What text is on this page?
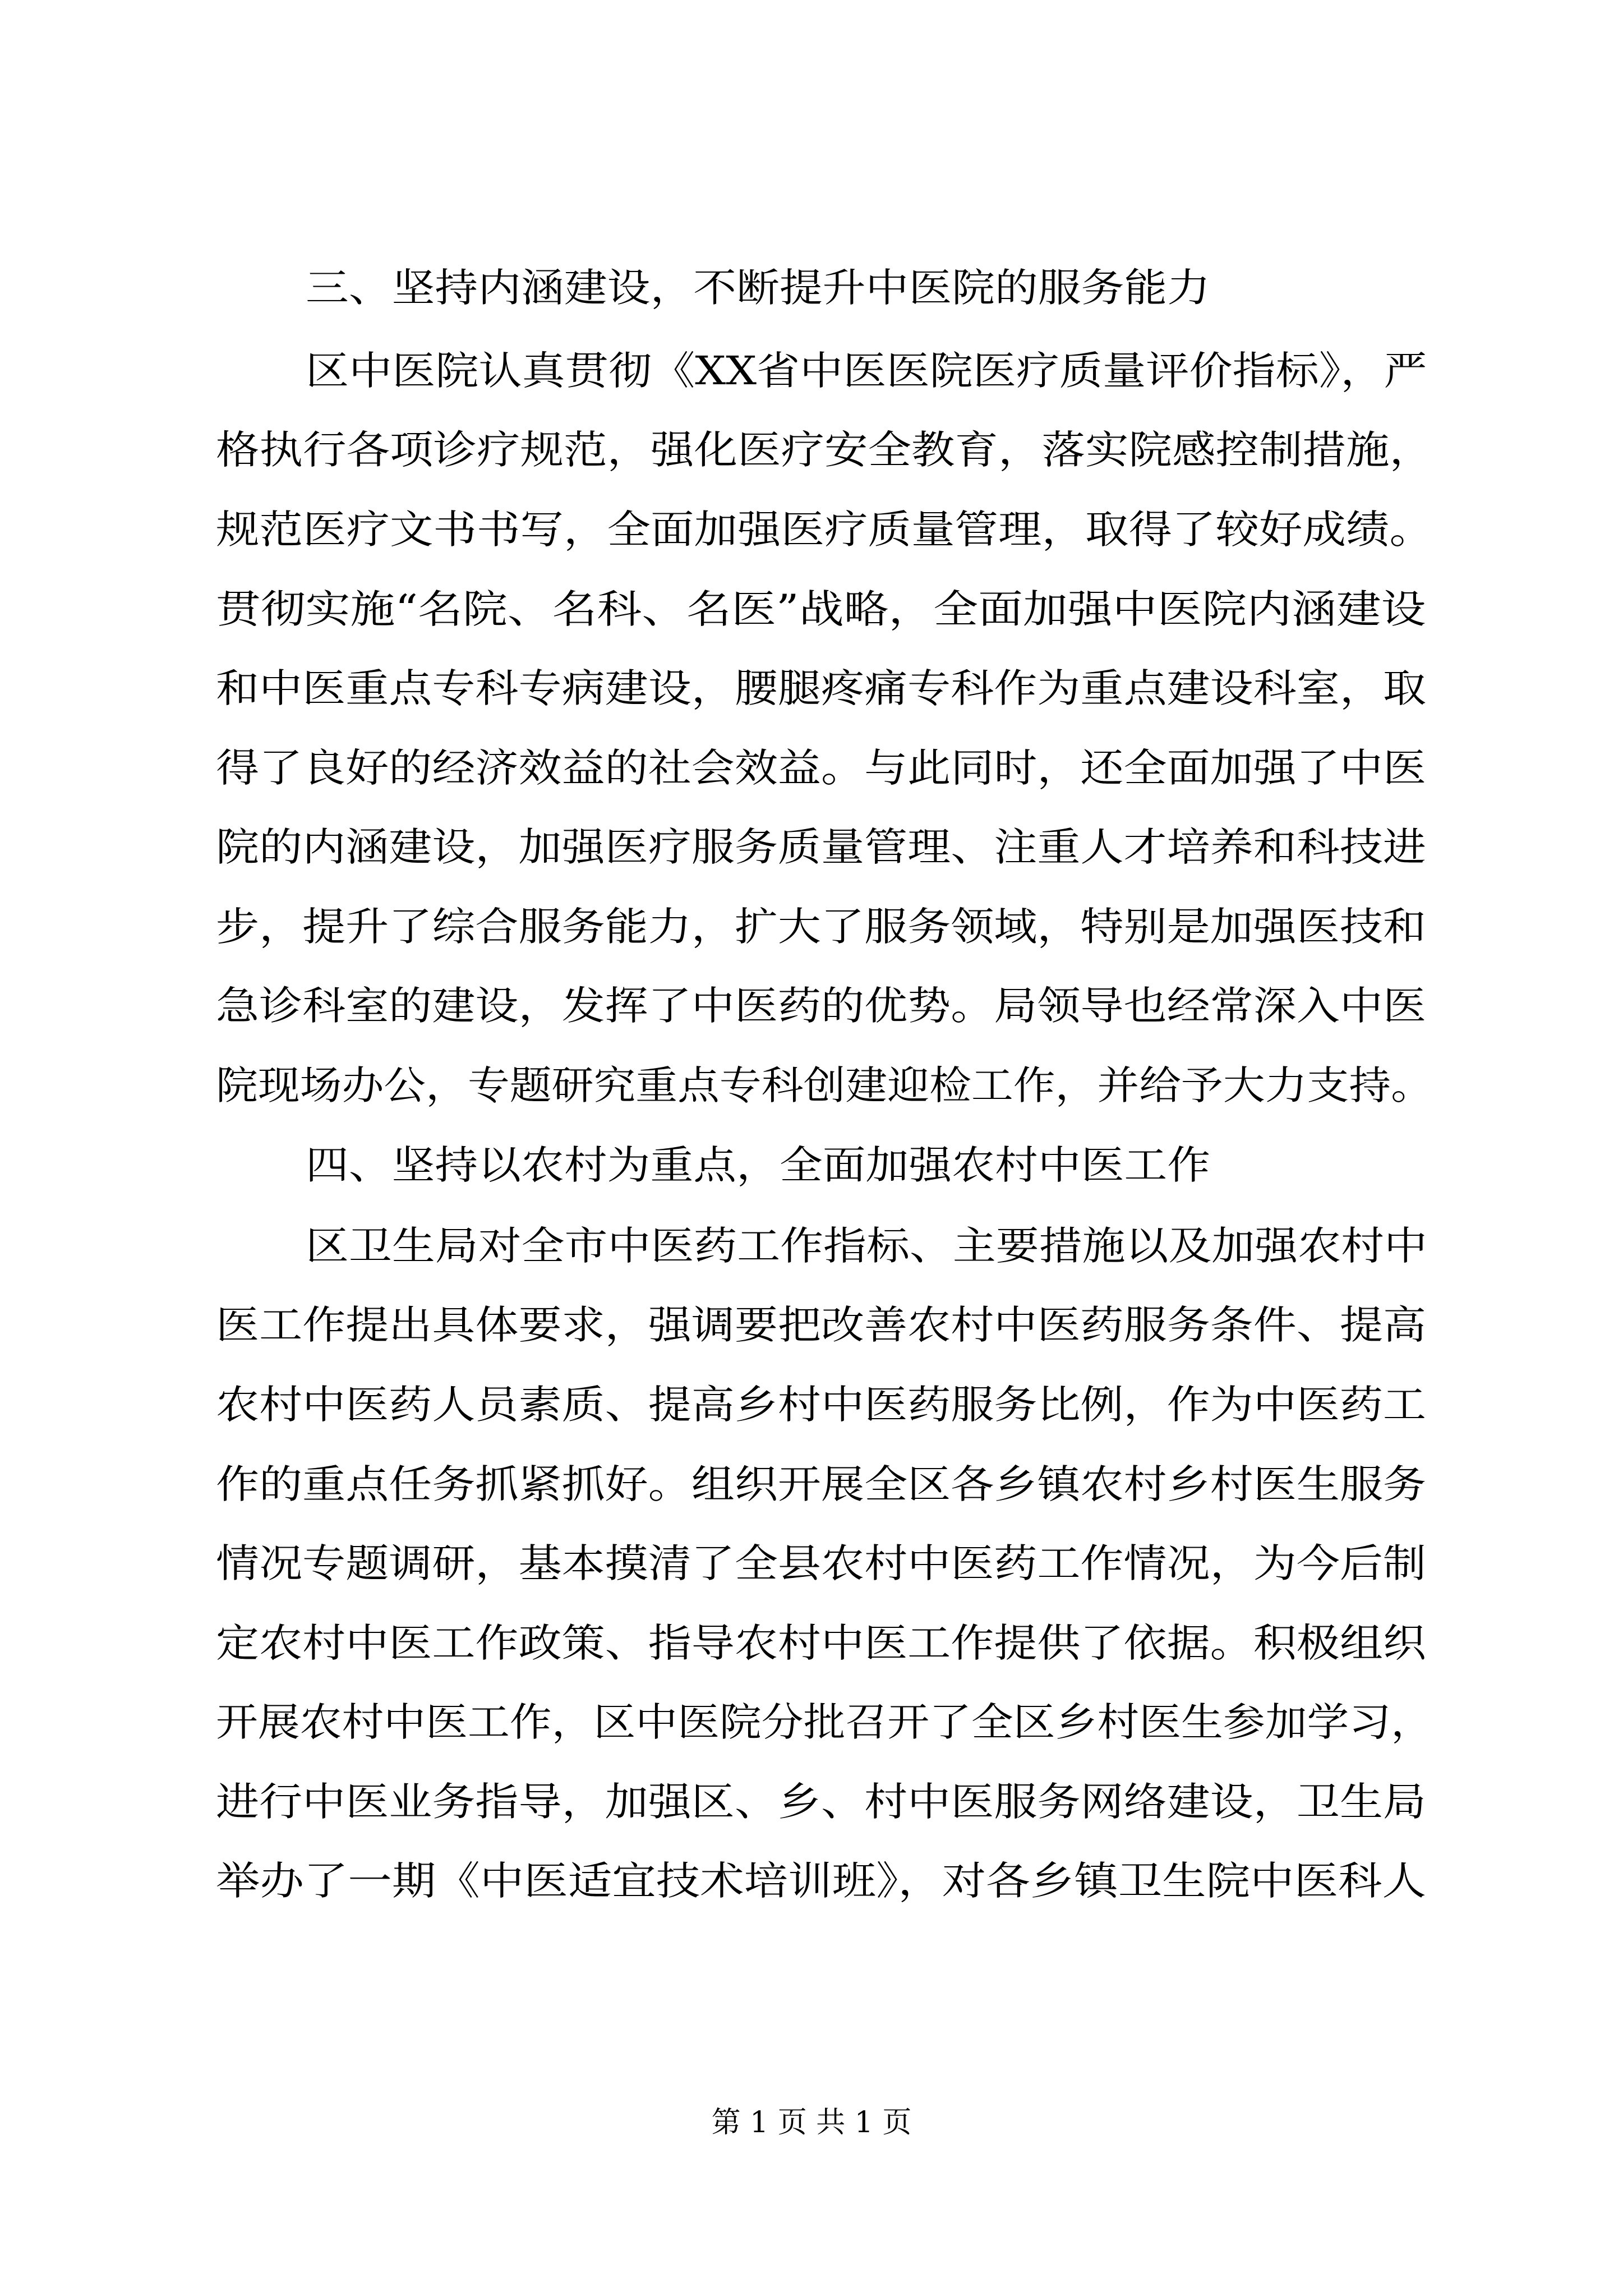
三、坚持内涵建设，不断提升中医院的服务能力
区中医院认真贯彻《XX省中医医院医疗质量评价指标》，严
格执行各项诊疗规范，强化医疗安全教育，落实院感控制措施，
规范医疗文书书写，全面加强医疗质量管理，取得了较好成绩。
贯彻实施“名院、名科、名医”战略，全面加强中医院内涵建设
和中医重点专科专病建设，腰腿疼痛专科作为重点建设科室，取
得了良好的经济效益的社会效益。与此同时，还全面加强了中医
院的内涵建设，加强医疗服务质量管理、注重人才培养和科技进
步，提升了综合服务能力，扩大了服务领域，特别是加强医技和
急诊科室的建设，发挥了中医药的优势。局领导也经常深入中医
院现场办公，专题研究重点专科创建迎检工作，并给予大力支持。
四、坚持以农村为重点，全面加强农村中医工作
区卫生局对全市中医药工作指标、主要措施以及加强农村中
医工作提出具体要求，强调要把改善农村中医药服务条件、提高
农村中医药人员素质、提高乡村中医药服务比例，作为中医药工
作的重点任务抓紧抓好。组织开展全区各乡镇农村乡村医生服务
情况专题调研，基本摸清了全县农村中医药工作情况，为今后制
定农村中医工作政策、指导农村中医工作提供了依据。积极组织
开展农村中医工作，区中医院分批召开了全区乡村医生参加学习，
进行中医业务指导，加强区、乡、村中医服务网络建设，卫生局
举办了一期《中医适宜技术培训班》，对各乡镇卫生院中医科人
第 1 页 共 1 页
